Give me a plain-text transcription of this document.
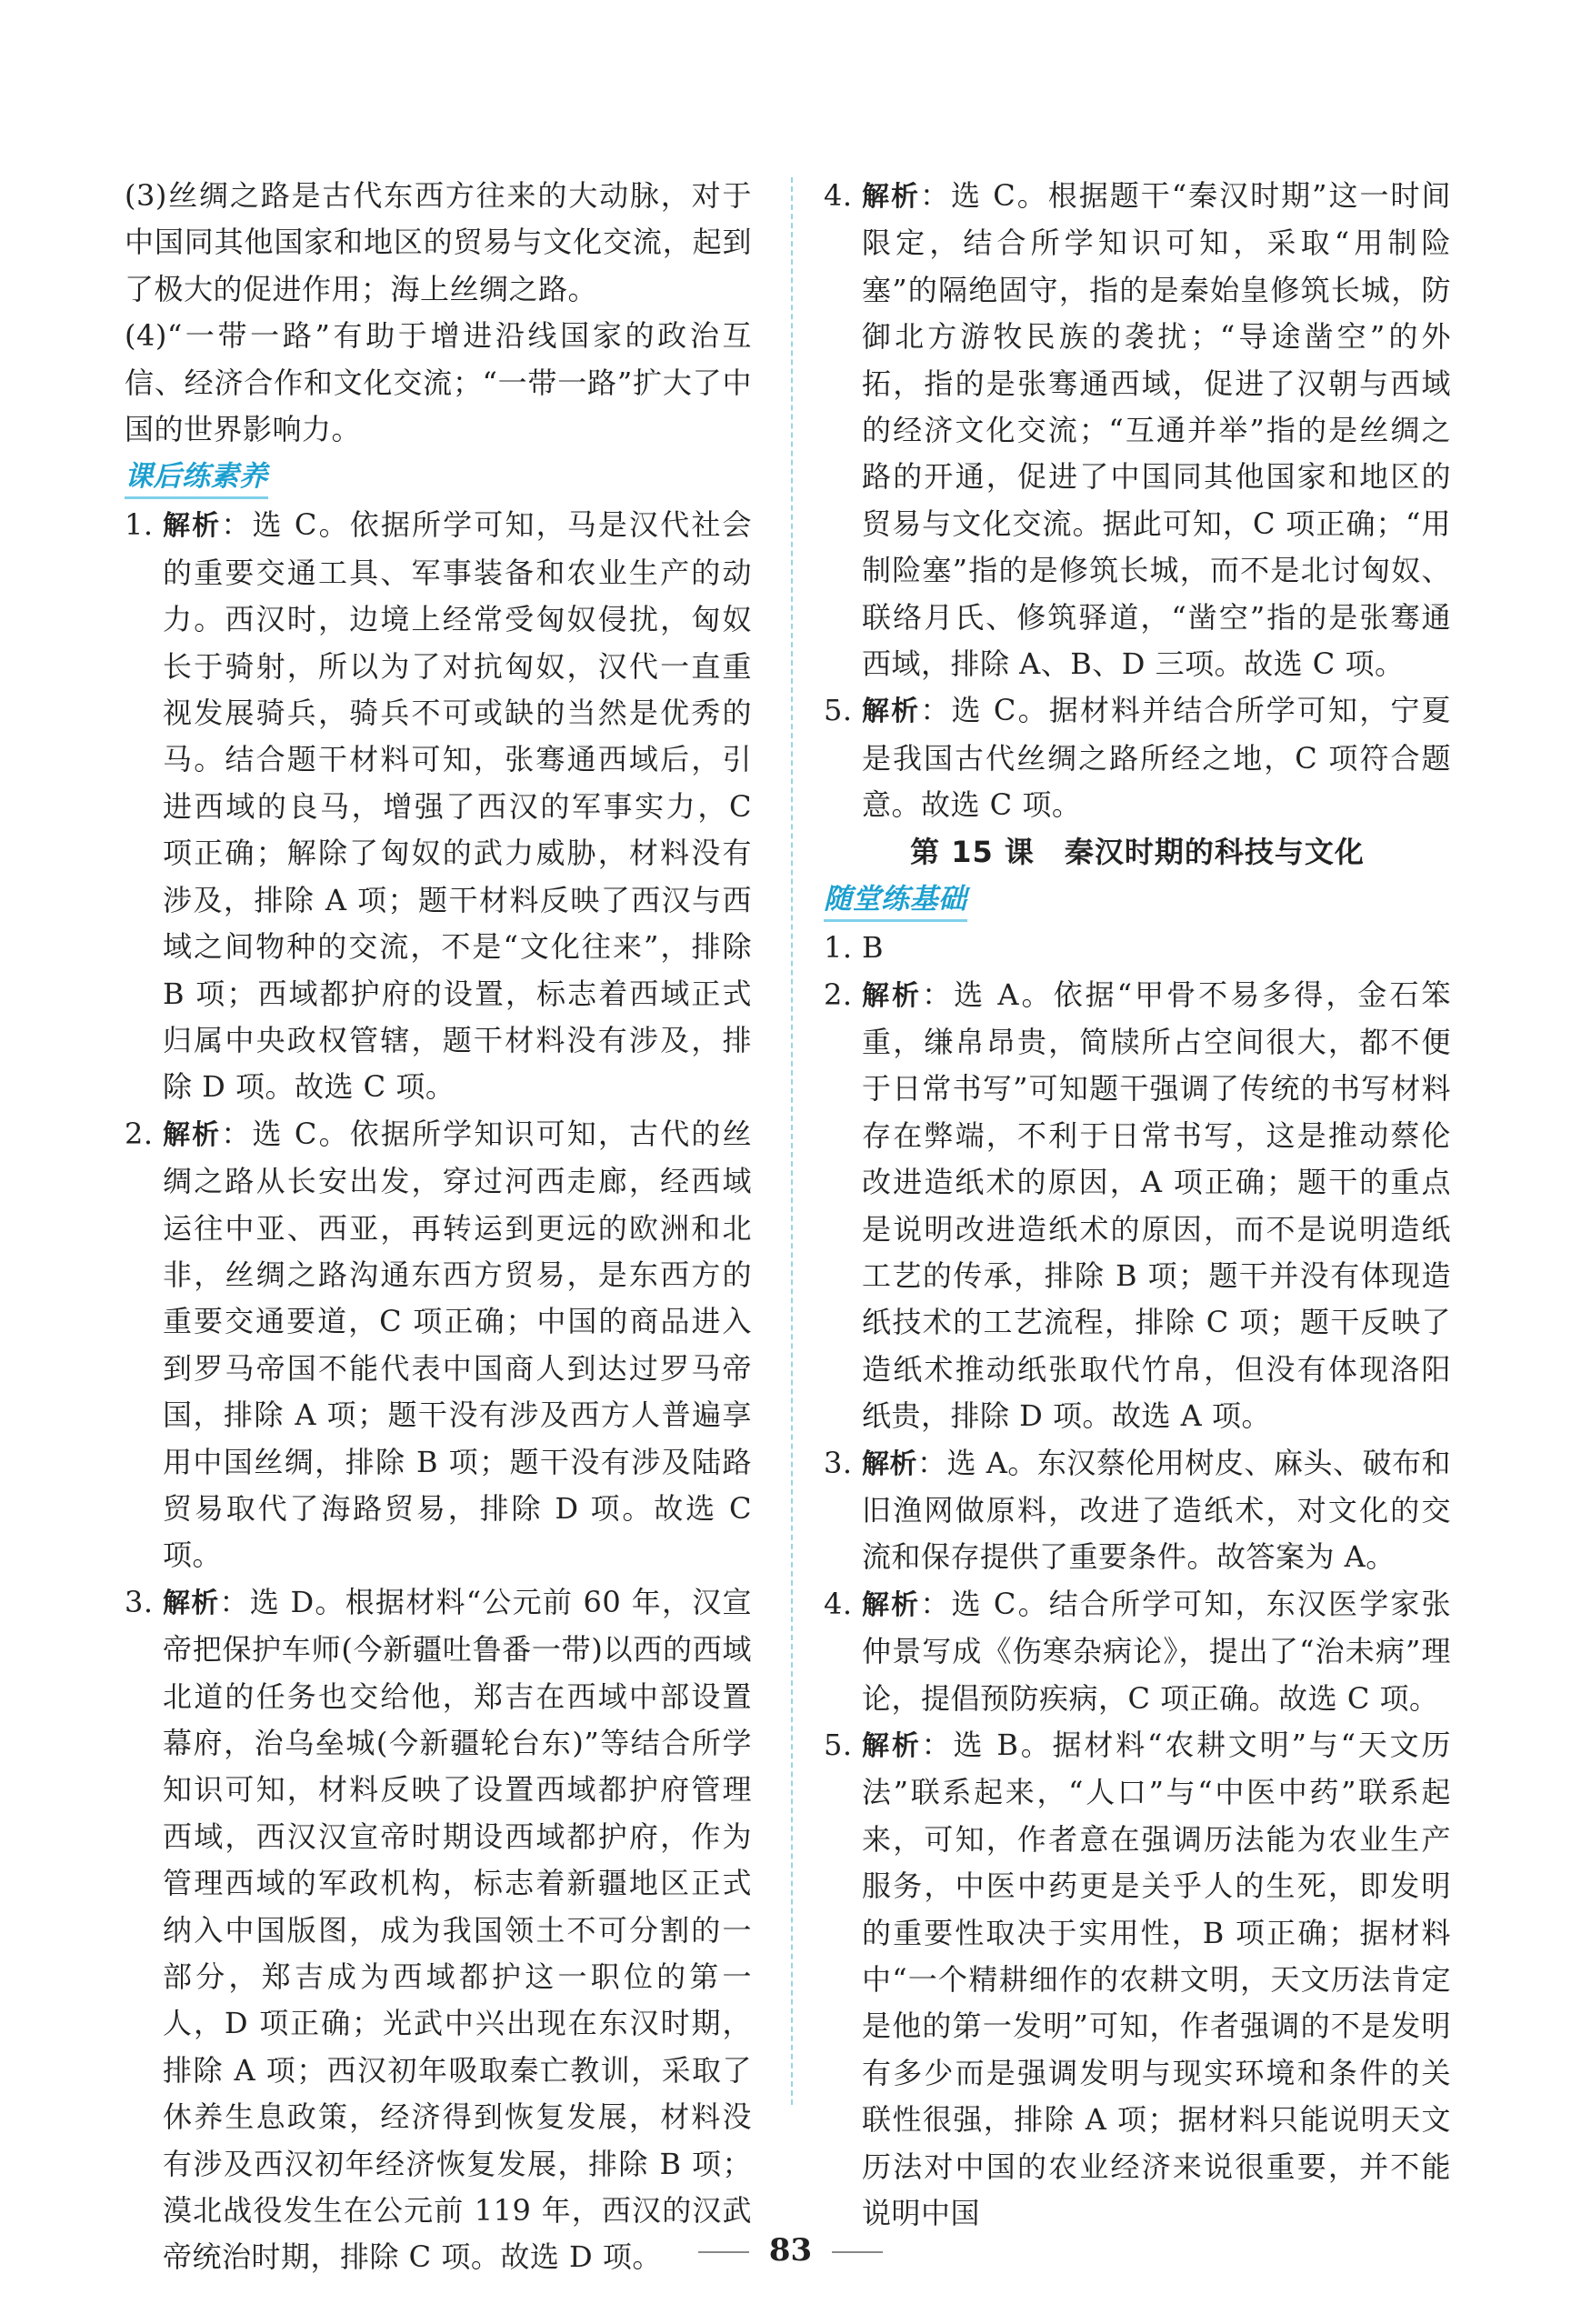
(3)丝绸之路是古代东西方往来的大动脉，对于中国同其他国家和地区的贸易与文化交流，起到了极大的促进作用；海上丝绸之路。

(4)“一带一路”有助于增进沿线国家的政治互信、经济合作和文化交流；“一带一路”扩大了中国的世界影响力。

课后练素养
1. 解析：选 C。依据所学可知，马是汉代社会的重要交通工具、军事装备和农业生产的动力。西汉时，边境上经常受匈奴侵扰，匈奴长于骑射，所以为了对抗匈奴，汉代一直重视发展骑兵，骑兵不可或缺的当然是优秀的马。结合题干材料可知，张骞通西域后，引进西域的良马，增强了西汉的军事实力，C 项正确；解除了匈奴的武力威胁，材料没有涉及，排除 A 项；题干材料反映了西汉与西域之间物种的交流，不是“文化往来”，排除 B 项；西域都护府的设置，标志着西域正式归属中央政权管辖，题干材料没有涉及，排除 D 项。故选 C 项。
2. 解析：选 C。依据所学知识可知，古代的丝绸之路从长安出发，穿过河西走廊，经西域运往中亚、西亚，再转运到更远的欧洲和北非，丝绸之路沟通东西方贸易，是东西方的重要交通要道，C 项正确；中国的商品进入到罗马帝国不能代表中国商人到达过罗马帝国，排除 A 项；题干没有涉及西方人普遍享用中国丝绸，排除 B 项；题干没有涉及陆路贸易取代了海路贸易，排除 D 项。故选 C 项。
3. 解析：选 D。根据材料“公元前 60 年，汉宣帝把保护车师(今新疆吐鲁番一带)以西的西域北道的任务也交给他，郑吉在西域中部设置幕府，治乌垒城(今新疆轮台东)”等结合所学知识可知，材料反映了设置西域都护府管理西域，西汉汉宣帝时期设西域都护府，作为管理西域的军政机构，标志着新疆地区正式纳入中国版图，成为我国领土不可分割的一部分，郑吉成为西域都护这一职位的第一人，D 项正确；光武中兴出现在东汉时期，排除 A 项；西汉初年吸取秦亡教训，采取了休养生息政策，经济得到恢复发展，材料没有涉及西汉初年经济恢复发展，排除 B 项；漠北战役发生在公元前 119 年，西汉的汉武帝统治时期，排除 C 项。故选 D 项。
4. 解析：选 C。根据题干“秦汉时期”这一时间限定，结合所学知识可知，采取“用制险塞”的隔绝固守，指的是秦始皇修筑长城，防御北方游牧民族的袭扰；“导途凿空”的外拓，指的是张骞通西域，促进了汉朝与西域的经济文化交流；“互通并举”指的是丝绸之路的开通，促进了中国同其他国家和地区的贸易与文化交流。据此可知，C 项正确；“用制险塞”指的是修筑长城，而不是北讨匈奴、联络月氏、修筑驿道，“凿空”指的是张骞通西域，排除 A、B、D 三项。故选 C 项。
5. 解析：选 C。据材料并结合所学可知，宁夏是我国古代丝绸之路所经之地，C 项符合题意。故选 C 项。

第 15 课　秦汉时期的科技与文化

随堂练基础
1. B
2. 解析：选 A。依据“甲骨不易多得，金石笨重，缣帛昂贵，简牍所占空间很大，都不便于日常书写”可知题干强调了传统的书写材料存在弊端，不利于日常书写，这是推动蔡伦改进造纸术的原因，A 项正确；题干的重点是说明改进造纸术的原因，而不是说明造纸工艺的传承，排除 B 项；题干并没有体现造纸技术的工艺流程，排除 C 项；题干反映了造纸术推动纸张取代竹帛，但没有体现洛阳纸贵，排除 D 项。故选 A 项。
3. 解析：选 A。东汉蔡伦用树皮、麻头、破布和旧渔网做原料，改进了造纸术，对文化的交流和保存提供了重要条件。故答案为 A。
4. 解析：选 C。结合所学可知，东汉医学家张仲景写成《伤寒杂病论》，提出了“治未病”理论，提倡预防疾病，C 项正确。故选 C 项。
5. 解析：选 B。据材料“农耕文明”与“天文历法”联系起来，“人口”与“中医中药”联系起来，可知，作者意在强调历法能为农业生产服务，中医中药更是关乎人的生死，即发明的重要性取决于实用性，B 项正确；据材料中“一个精耕细作的农耕文明，天文历法肯定是他的第一发明”可知，作者强调的不是发明有多少而是强调发明与现实环境和条件的关联性很强，排除 A 项；据材料只能说明天文历法对中国的农业经济来说很重要，并不能说明中国
83
